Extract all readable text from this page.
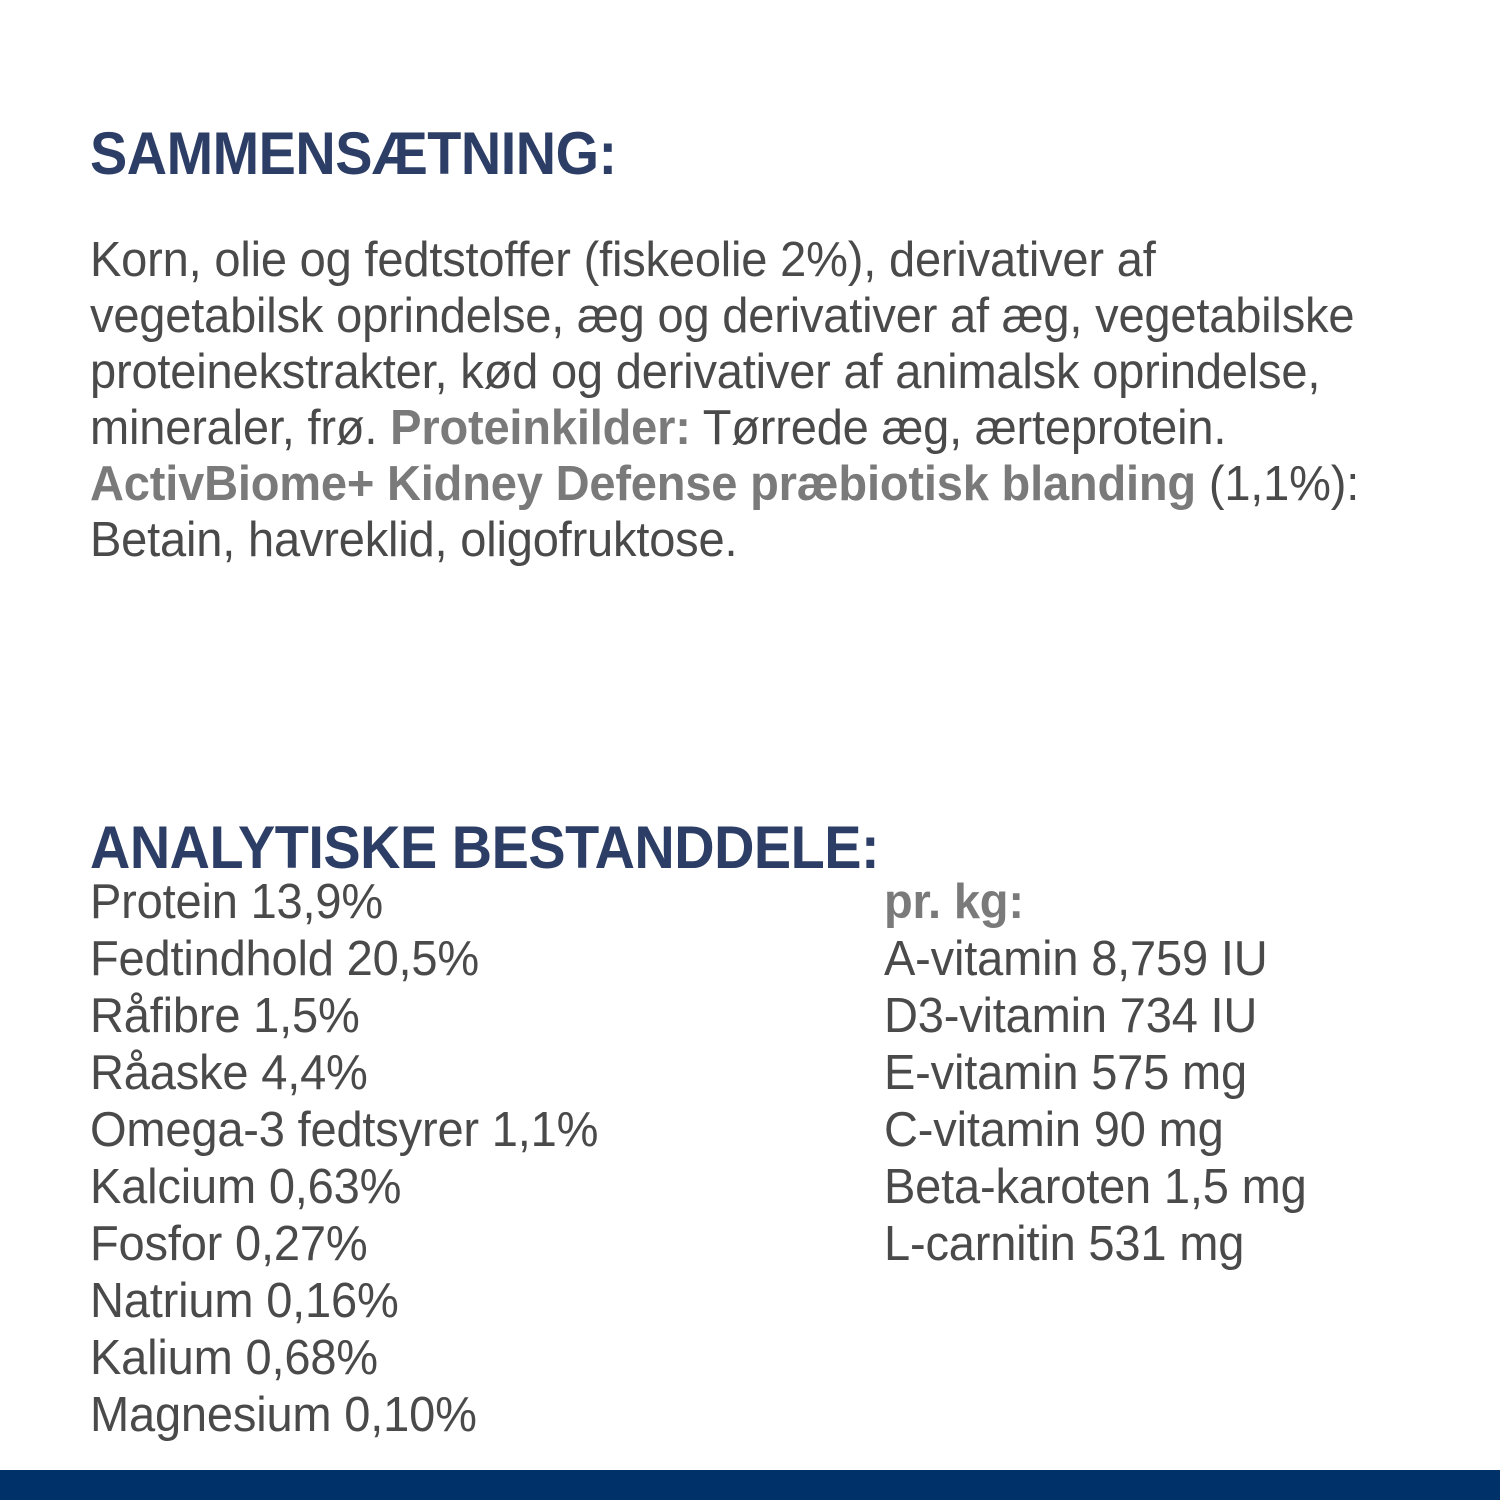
SAMMENSÆTNING:

Korn, olie og fedtstoffer (fiskeolie 2%), derivativer af vegetabilsk oprindelse, æg og derivativer af æg, vegetabilske proteinekstrakter, kød og derivativer af animalsk oprindelse, mineraler, frø. Proteinkilder: Tørrede æg, ærteprotein. ActivBiome+ Kidney Defense præbiotisk blanding (1,1%): Betain, havreklid, oligofruktose.

ANALYTISKE BESTANDDELE:
Protein 13,9%
Fedtindhold 20,5%
Råfibre 1,5%
Råaske 4,4%
Omega-3 fedtsyrer 1,1%
Kalcium 0,63%
Fosfor 0,27%
Natrium 0,16%
Kalium 0,68%
Magnesium 0,10%
pr. kg:
A-vitamin 8,759 IU
D3-vitamin 734 IU
E-vitamin 575 mg
C-vitamin 90 mg
Beta-karoten 1,5 mg
L-carnitin 531 mg
